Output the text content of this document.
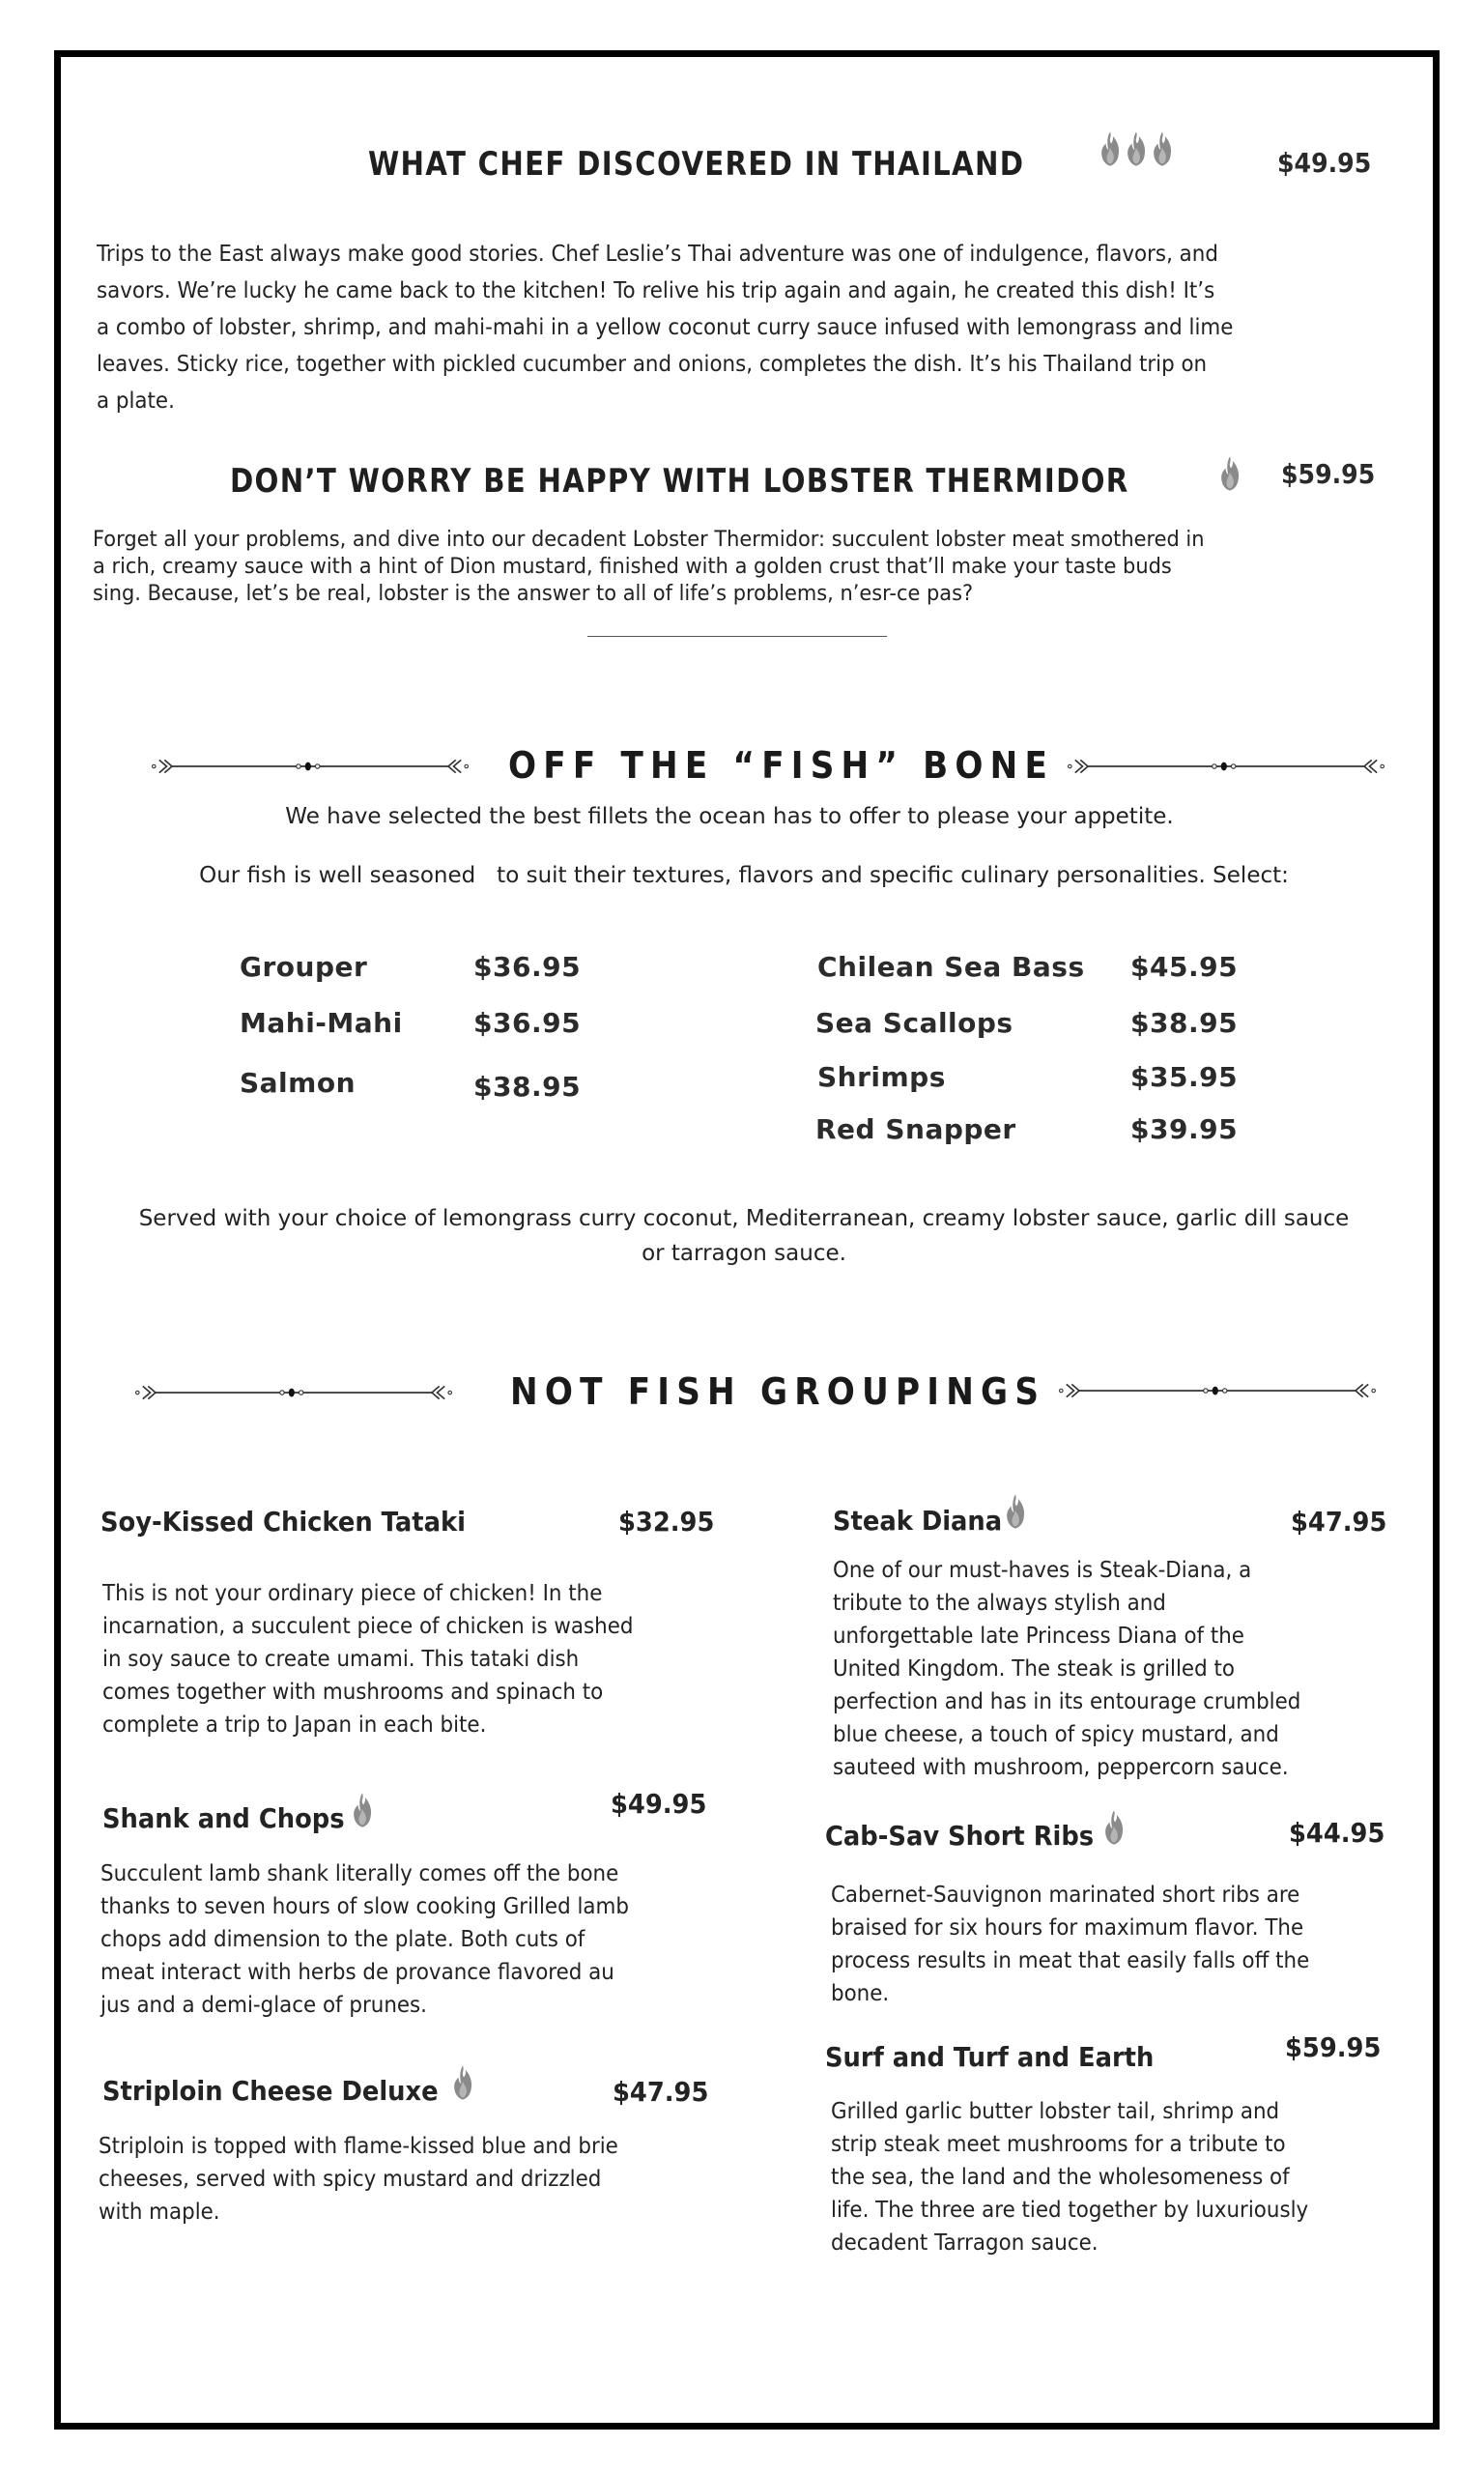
WHAT CHEF DISCOVERED IN THAILAND
	$49.95
Trips to the East always make good stories. Chef Leslie’s Thai adventure was one of indulgence, flavors, and
savors. We’re lucky he came back to the kitchen! To relive his trip again and again, he created this dish! It’s
a combo of lobster, shrimp, and mahi-mahi in a yellow coconut curry sauce infused with lemongrass and lime
leaves. Sticky rice, together with pickled cucumber and onions, completes the dish. It’s his Thailand trip on
a plate.
DON’T WORRY BE HAPPY WITH LOBSTER THERMIDOR	$59.95
Forget all your problems, and dive into our decadent Lobster Thermidor: succulent lobster meat smothered in
a rich, creamy sauce with a hint of Dion mustard, finished with a golden crust that’ll make your taste buds
sing. Because, let’s be real, lobster is the answer to all of life’s problems, n’esr-ce pas?
OFF THE “FISH” BONE
We have selected the best fillets the ocean has to offer to please your appetite.
Our fish is well seasoned   to suit their textures, flavors and specific culinary personalities. Select:
Grouper	$36.95
Mahi-Mahi	$36.95
Salmon	$38.95
Chilean Sea Bass $45.95
Sea Scallops	$38.95
Shrimps	$35.95
Red Snapper	$39.95
Served with your choice of lemongrass curry coconut, Mediterranean, creamy lobster sauce, garlic dill sauce
or tarragon sauce.
NOT FISH GROUPINGS
Soy-Kissed Chicken Tataki	$32.95
This is not your ordinary piece of chicken! In the
incarnation, a succulent piece of chicken is washed
in soy sauce to create umami. This tataki dish
comes together with mushrooms and spinach to
complete a trip to Japan in each bite.
Shank and Chops	$49.95
Succulent lamb shank literally comes off the bone
thanks to seven hours of slow cooking Grilled lamb
chops add dimension to the plate. Both cuts of
meat interact with herbs de provance flavored au
jus and a demi-glace of prunes.
Striploin Cheese Deluxe	$47.95
Striploin is topped with flame-kissed blue and brie
cheeses, served with spicy mustard and drizzled
with maple.
Steak Diana	$47.95
One of our must-haves is Steak-Diana, a
tribute to the always stylish and
unforgettable late Princess Diana of the
United Kingdom. The steak is grilled to
perfection and has in its entourage crumbled
blue cheese, a touch of spicy mustard, and
sauteed with mushroom, peppercorn sauce.
Cab-Sav Short Ribs	$44.95
Cabernet-Sauvignon marinated short ribs are
braised for six hours for maximum flavor. The
process results in meat that easily falls off the
bone.
Surf and Turf and Earth	$59.95
Grilled garlic butter lobster tail, shrimp and
strip steak meet mushrooms for a tribute to
the sea, the land and the wholesomeness of
life. The three are tied together by luxuriously
decadent Tarragon sauce.
